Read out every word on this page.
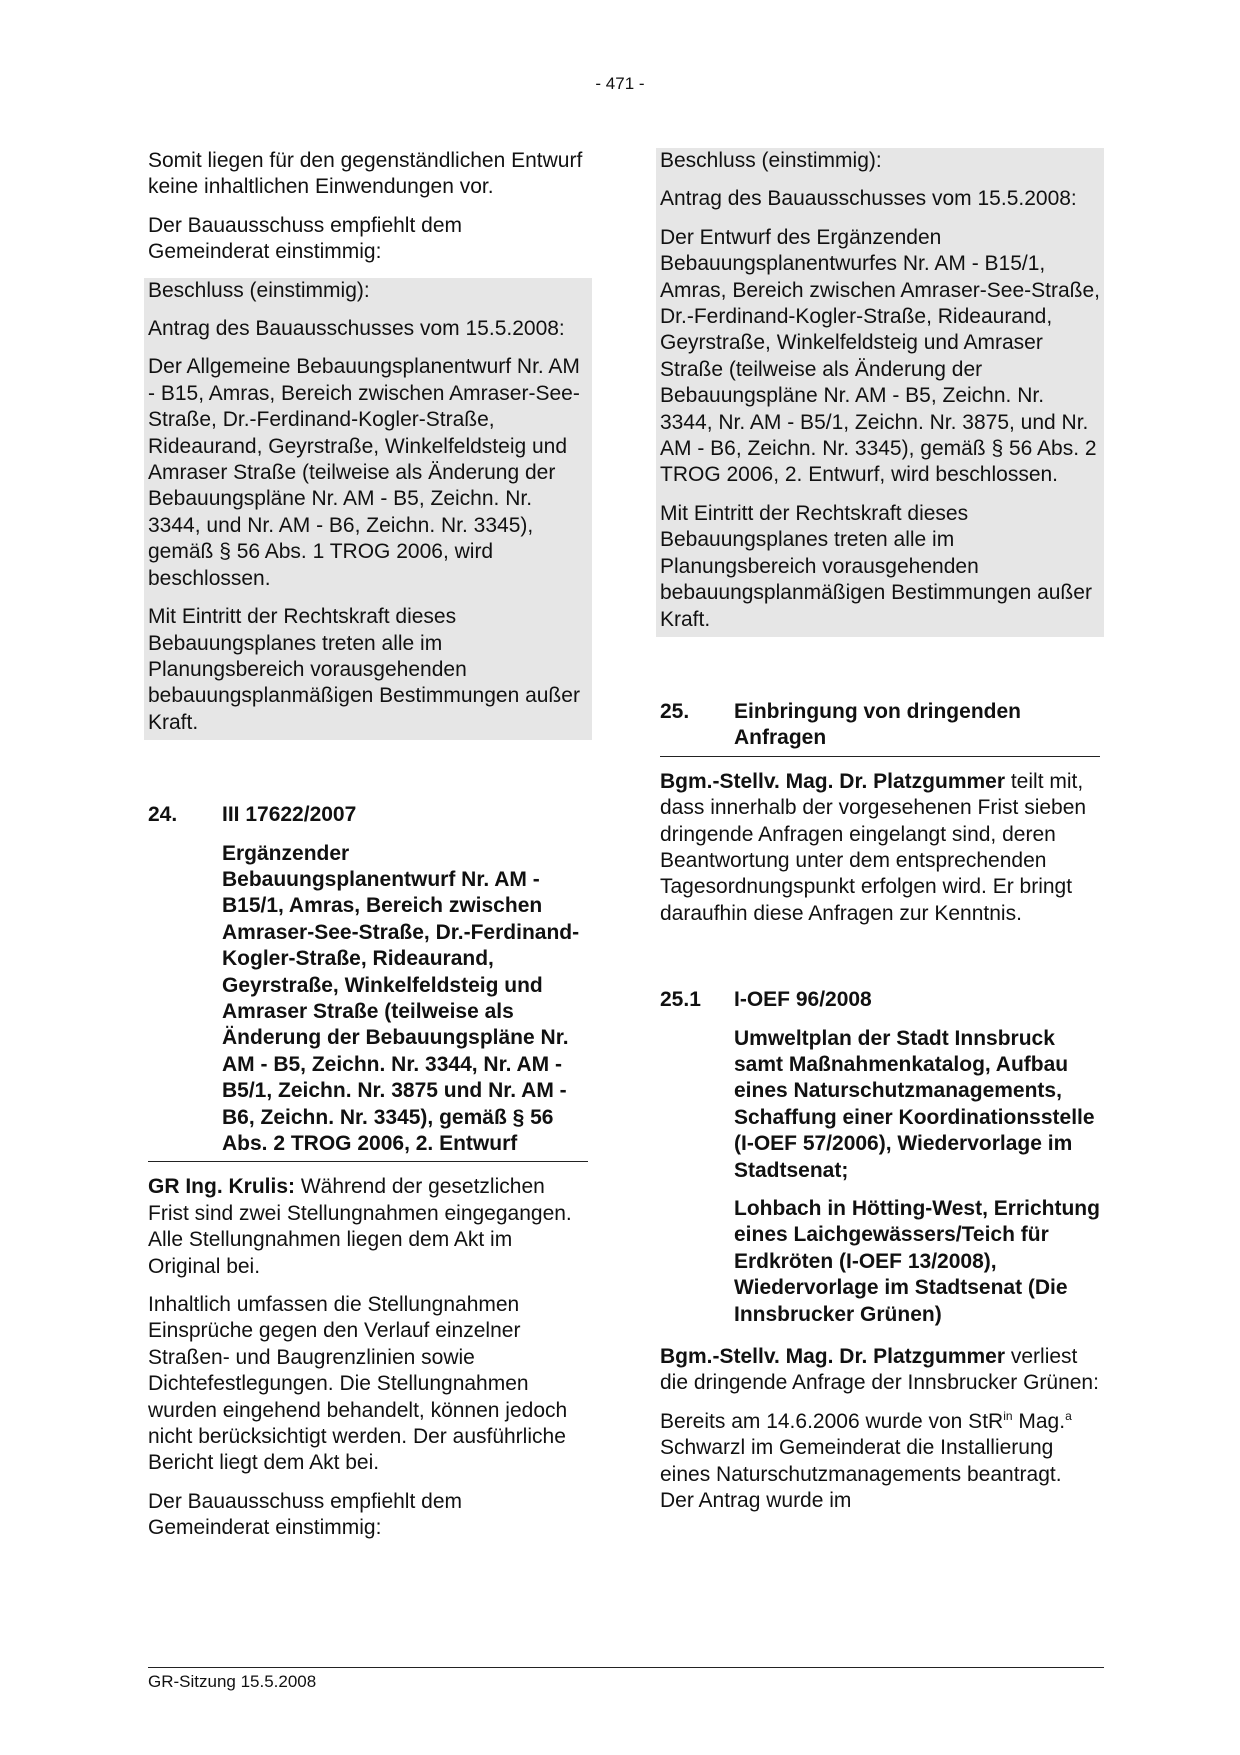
- 471 -

Somit liegen für den gegenständlichen Entwurf keine inhaltlichen Einwendungen vor.

Der Bauausschuss empfiehlt dem Gemeinderat einstimmig:

Beschluss (einstimmig):

Antrag des Bauausschusses vom 15.5.2008:

Der Allgemeine Bebauungsplanentwurf Nr. AM - B15, Amras, Bereich zwischen Amraser-See-Straße, Dr.-Ferdinand-Kogler-Straße, Rideaurand, Geyrstraße, Winkelfeldsteig und Amraser Straße (teilweise als Änderung der Bebauungspläne Nr. AM - B5, Zeichn. Nr. 3344, und Nr. AM - B6, Zeichn. Nr. 3345), gemäß § 56 Abs. 1 TROG 2006, wird beschlossen.

Mit Eintritt der Rechtskraft dieses Bebauungsplanes treten alle im Planungsbereich vorausgehenden bebauungsplanmäßigen Bestimmungen außer Kraft.

24.	III 17622/2007
Ergänzender Bebauungsplanentwurf Nr. AM - B15/1, Amras, Bereich zwischen Amraser-See-Straße, Dr.-Ferdinand-Kogler-Straße, Rideaurand, Geyrstraße, Winkelfeldsteig und Amraser Straße (teilweise als Änderung der Bebauungspläne Nr. AM - B5, Zeichn. Nr. 3344, Nr. AM - B5/1, Zeichn. Nr. 3875 und Nr. AM - B6, Zeichn. Nr. 3345), gemäß § 56 Abs. 2 TROG 2006, 2. Entwurf

GR Ing. Krulis: Während der gesetzlichen Frist sind zwei Stellungnahmen eingegangen. Alle Stellungnahmen liegen dem Akt im Original bei.

Inhaltlich umfassen die Stellungnahmen Einsprüche gegen den Verlauf einzelner Straßen- und Baugrenzlinien sowie Dichtefestlegungen. Die Stellungnahmen wurden eingehend behandelt, können jedoch nicht berücksichtigt werden. Der ausführliche Bericht liegt dem Akt bei.

Der Bauausschuss empfiehlt dem Gemeinderat einstimmig:

Beschluss (einstimmig):

Antrag des Bauausschusses vom 15.5.2008:

Der Entwurf des Ergänzenden Bebauungsplanentwurfes Nr. AM - B15/1, Amras, Bereich zwischen Amraser-See-Straße, Dr.-Ferdinand-Kogler-Straße, Rideaurand, Geyrstraße, Winkelfeldsteig und Amraser Straße (teilweise als Änderung der Bebauungspläne Nr. AM - B5, Zeichn. Nr. 3344, Nr. AM - B5/1, Zeichn. Nr. 3875, und Nr. AM - B6, Zeichn. Nr. 3345), gemäß § 56 Abs. 2 TROG 2006, 2. Entwurf, wird beschlossen.

Mit Eintritt der Rechtskraft dieses Bebauungsplanes treten alle im Planungsbereich vorausgehenden bebauungsplanmäßigen Bestimmungen außer Kraft.

25.	Einbringung von dringenden Anfragen

Bgm.-Stellv. Mag. Dr. Platzgummer teilt mit, dass innerhalb der vorgesehenen Frist sieben dringende Anfragen eingelangt sind, deren Beantwortung unter dem entsprechenden Tagesordnungspunkt erfolgen wird. Er bringt daraufhin diese Anfragen zur Kenntnis.

25.1	I-OEF 96/2008
Umweltplan der Stadt Innsbruck samt Maßnahmenkatalog, Aufbau eines Naturschutzmanagements, Schaffung einer Koordinationsstelle (I-OEF 57/2006), Wiedervorlage im Stadtsenat;
Lohbach in Hötting-West, Errichtung eines Laichgewässers/Teich für Erdkröten (I-OEF 13/2008), Wiedervorlage im Stadtsenat (Die Innsbrucker Grünen)

Bgm.-Stellv. Mag. Dr. Platzgummer verliest die dringende Anfrage der Innsbrucker Grünen:

Bereits am 14.6.2006 wurde von StR$^{in}$ Mag.$^a$ Schwarzl im Gemeinderat die Installierung eines Naturschutzmanagements beantragt. Der Antrag wurde im

GR-Sitzung 15.5.2008
